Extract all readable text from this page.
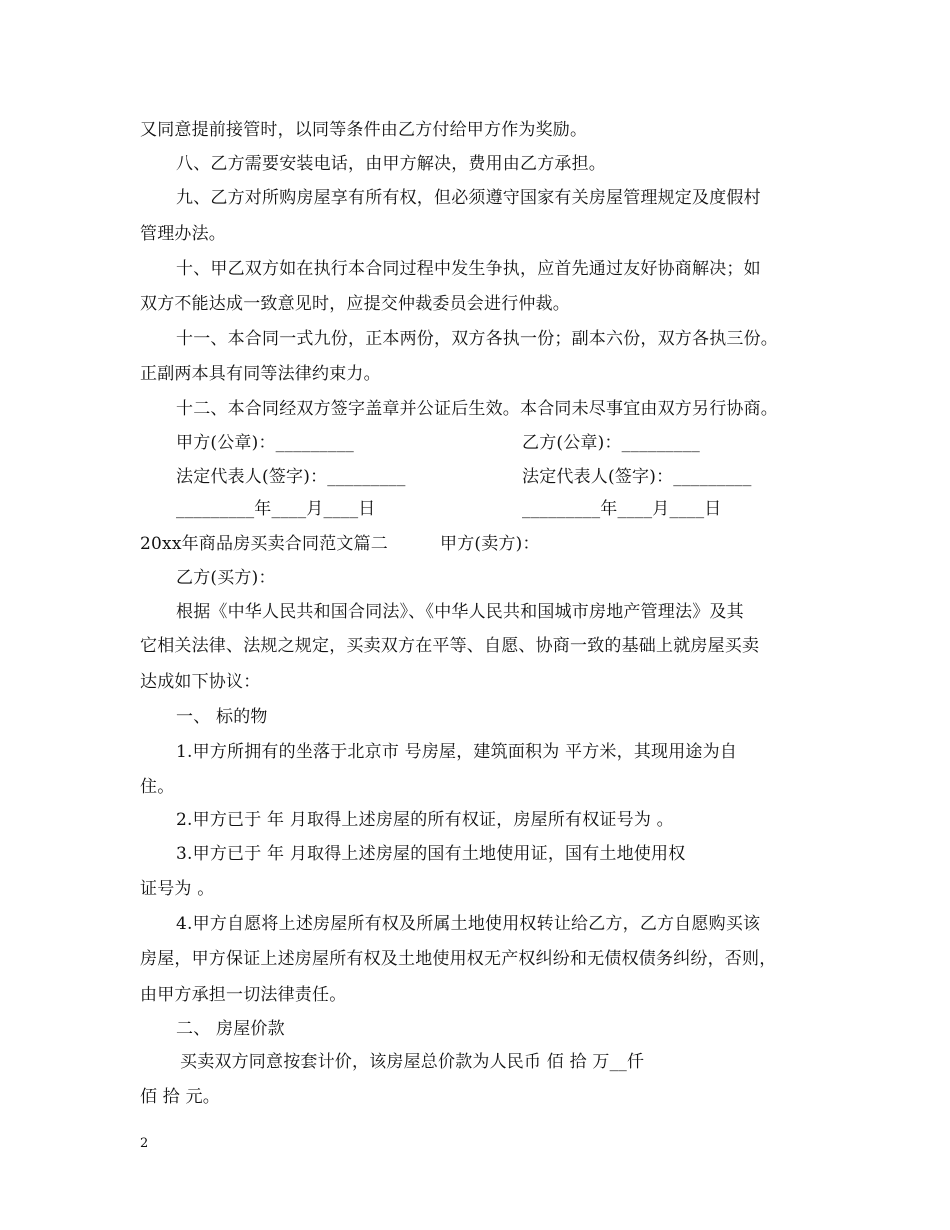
又同意提前接管时，以同等条件由乙方付给甲方作为奖励。
八、乙方需要安装电话，由甲方解决，费用由乙方承担。
九、乙方对所购房屋享有所有权，但必须遵守国家有关房屋管理规定及度假村
管理办法。
十、甲乙双方如在执行本合同过程中发生争执，应首先通过友好协商解决；如
双方不能达成一致意见时，应提交仲裁委员会进行仲裁。
十一、本合同一式九份，正本两份，双方各执一份；副本六份，双方各执三份。
正副两本具有同等法律约束力。
十二、本合同经双方签字盖章并公证后生效。本合同未尽事宜由双方另行协商。
甲方(公章)：_________	乙方(公章)：_________
法定代表人(签字)：_________	法定代表人(签字)：_________
_________年____月____日	_________年____月____日
20xx年商品房买卖合同范文篇二	甲方(卖方)：
乙方(买方)：
根据《中华人民共和国合同法》、《中华人民共和国城市房地产管理法》及其
它相关法律、法规之规定，买卖双方在平等、自愿、协商一致的基础上就房屋买卖
达成如下协议：
一、 标的物
1.甲方所拥有的坐落于北京市 号房屋，建筑面积为 平方米，其现用途为自
住。
2.甲方已于 年 月取得上述房屋的所有权证，房屋所有权证号为 。
3.甲方已于 年 月取得上述房屋的国有土地使用证，国有土地使用权
证号为 。
4.甲方自愿将上述房屋所有权及所属土地使用权转让给乙方，乙方自愿购买该
房屋，甲方保证上述房屋所有权及土地使用权无产权纠纷和无债权债务纠纷，否则，
由甲方承担一切法律责任。
二、 房屋价款
买卖双方同意按套计价，该房屋总价款为人民币 佰 拾 万__仟
佰 拾 元。
2
